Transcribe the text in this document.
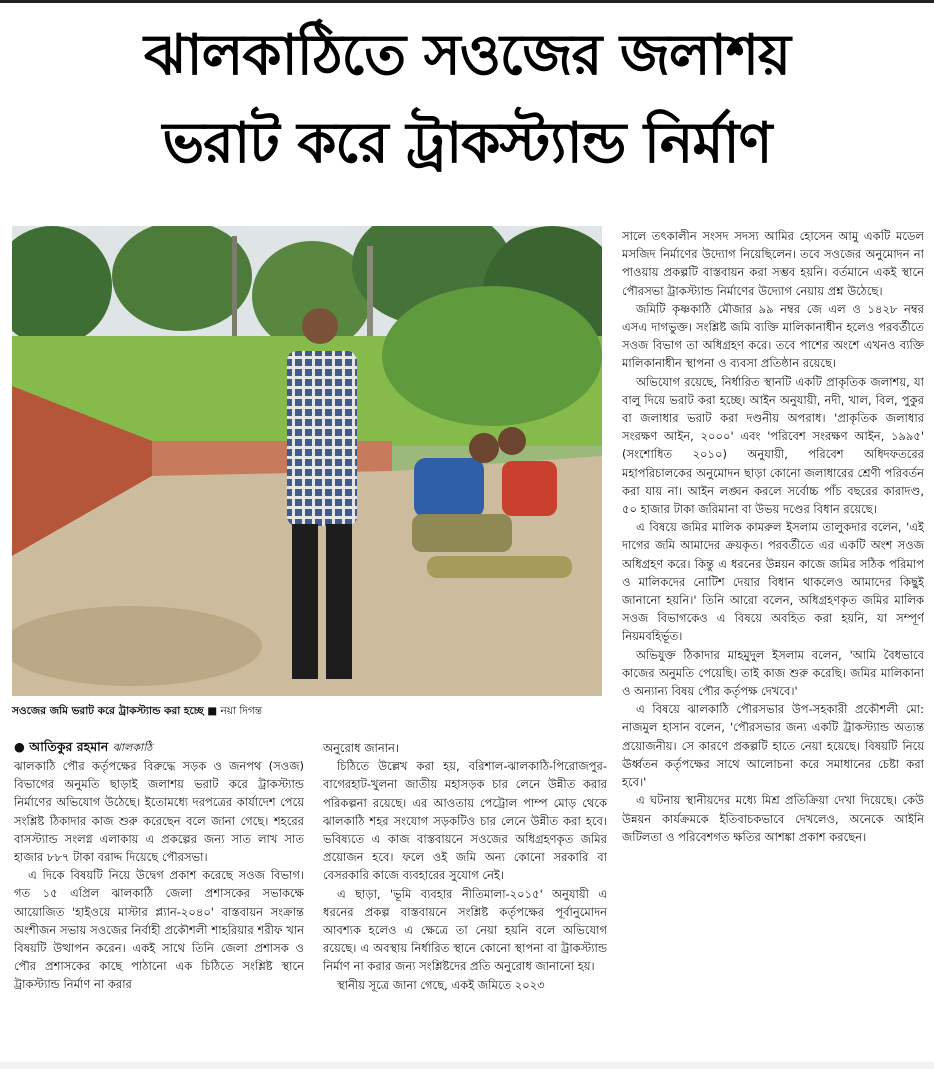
ঝালকাঠিতে সওজের জলাশয়
ভরাট করে ট্রাকস্ট্যান্ড নির্মাণ
সওজের জমি ভরাট করে ট্রাকস্ট্যান্ড করা হচ্ছে ■ নয়া দিগন্ত
● আতিকুর রহমান ঝালকাঠি

ঝালকাঠি পৌর কর্তৃপক্ষের বিরুদ্ধে সড়ক ও জনপথ (সওজ) বিভাগের অনুমতি ছাড়াই জলাশয় ভরাট করে ট্রাকস্ট্যান্ড নির্মাণের অভিযোগ উঠেছে। ইতোমধ্যে দরপত্রের কার্যাদেশ পেয়ে সংশ্লিষ্ট ঠিকাদার কাজ শুরু করেছেন বলে জানা গেছে। শহরের বাসস্ট্যান্ড সংলগ্ন এলাকায় এ প্রকল্পের জন্য সাত লাখ সাত হাজার ৮৮৭ টাকা বরাদ্দ দিয়েছে পৌরসভা।

এ দিকে বিষয়টি নিয়ে উদ্বেগ প্রকাশ করেছে সওজ বিভাগ। গত ১৫ এপ্রিল ঝালকাঠি জেলা প্রশাসকের সভাকক্ষে আয়োজিত 'হাইওয়ে মাস্টার প্ল্যান-২০৪০' বাস্তবায়ন সংক্রান্ত অংশীজন সভায় সওজের নির্বাহী প্রকৌশলী শাহরিয়ার শরীফ খান বিষয়টি উত্থাপন করেন। একই সাথে তিনি জেলা প্রশাসক ও পৌর প্রশাসকের কাছে পাঠানো এক চিঠিতে সংশ্লিষ্ট স্থানে ট্রাকস্ট্যান্ড নির্মাণ না করার

অনুরোধ জানান।

চিঠিতে উল্লেখ করা হয়, বরিশাল-ঝালকাঠি-পিরোজপুর-বাগেরহাট-খুলনা জাতীয় মহাসড়ক চার লেনে উন্নীত করার পরিকল্পনা রয়েছে। এর আওতায় পেট্রোল পাম্প মোড় থেকে ঝালকাঠি শহর সংযোগ সড়কটিও চার লেনে উন্নীত করা হবে। ভবিষ্যতে এ কাজ বাস্তবায়নে সওজের অধিগ্রহণকৃত জমির প্রয়োজন হবে। ফলে ওই জমি অন্য কোনো সরকারি বা বেসরকারি কাজে ব্যবহারের সুযোগ নেই।

এ ছাড়া, 'ভূমি ব্যবহার নীতিমালা-২০১৫' অনুযায়ী এ ধরনের প্রকল্প বাস্তবায়নে সংশ্লিষ্ট কর্তৃপক্ষের পূর্বানুমোদন আবশ্যক হলেও এ ক্ষেত্রে তা নেয়া হয়নি বলে অভিযোগ রয়েছে। এ অবস্থায় নির্ধারিত স্থানে কোনো স্থাপনা বা ট্রাকস্ট্যান্ড নির্মাণ না করার জন্য সংশ্লিষ্টদের প্রতি অনুরোধ জানানো হয়।

স্থানীয় সূত্রে জানা গেছে, একই জমিতে ২০২৩

সালে তৎকালীন সংসদ সদস্য আমির হোসেন আমু একটি মডেল মসজিদ নির্মাণের উদ্যোগ নিয়েছিলেন। তবে সওজের অনুমোদন না পাওয়ায় প্রকল্পটি বাস্তবায়ন করা সম্ভব হয়নি। বর্তমানে একই স্থানে পৌরসভা ট্রাকস্ট্যান্ড নির্মাণের উদ্যোগ নেয়ায় প্রশ্ন উঠেছে।

জমিটি কৃষ্ণকাঠি মৌজার ৯৯ নম্বর জে এল ও ১৪২৮ নম্বর এসএ দাগভুক্ত। সংশ্লিষ্ট জমি ব্যক্তি মালিকানাধীন হলেও পরবর্তীতে সওজ বিভাগ তা অধিগ্রহণ করে। তবে পাশের অংশে এখনও ব্যক্তি মালিকানাধীন স্থাপনা ও ব্যবসা প্রতিষ্ঠান রয়েছে।

অভিযোগ রয়েছে, নির্ধারিত স্থানটি একটি প্রাকৃতিক জলাশয়, যা বালু দিয়ে ভরাট করা হচ্ছে। আইন অনুযায়ী, নদী, খাল, বিল, পুকুর বা জলাধার ভরাট করা দণ্ডনীয় অপরাধ। 'প্রাকৃতিক জলাধার সংরক্ষণ আইন, ২০০০' এবং 'পরিবেশ সংরক্ষণ আইন, ১৯৯৫' (সংশোধিত ২০১০) অনুযায়ী, পরিবেশ অধিদফতরের মহাপরিচালকের অনুমোদন ছাড়া কোনো জলাধারের শ্রেণী পরিবর্তন করা যায় না। আইন লঙ্ঘন করলে সর্বোচ্চ পাঁচ বছরের কারাদণ্ড, ৫০ হাজার টাকা জরিমানা বা উভয় দণ্ডের বিধান রয়েছে।

এ বিষয়ে জমির মালিক কামরুল ইসলাম তালুকদার বলেন, 'এই দাগের জমি আমাদের ক্রয়কৃত। পরবর্তীতে এর একটি অংশ সওজ অধিগ্রহণ করে। কিন্তু এ ধরনের উন্নয়ন কাজে জমির সঠিক পরিমাপ ও মালিকদের নোটিশ দেয়ার বিধান থাকলেও আমাদের কিছুই জানানো হয়নি।' তিনি আরো বলেন, অধিগ্রহণকৃত জমির মালিক সওজ বিভাগকেও এ বিষয়ে অবহিত করা হয়নি, যা সম্পূর্ণ নিয়মবহির্ভূত।

অভিযুক্ত ঠিকাদার মাহমুদুল ইসলাম বলেন, 'আমি বৈধভাবে কাজের অনুমতি পেয়েছি। তাই কাজ শুরু করেছি। জমির মালিকানা ও অন্যান্য বিষয় পৌর কর্তৃপক্ষ দেখবে।'

এ বিষয়ে ঝালকাঠি পৌরসভার উপ-সহকারী প্রকৌশলী মো: নাজমুল হাসান বলেন, 'পৌরসভার জন্য একটি ট্রাকস্ট্যান্ড অত্যন্ত প্রয়োজনীয়। সে কারণে প্রকল্পটি হাতে নেয়া হয়েছে। বিষয়টি নিয়ে ঊর্ধ্বতন কর্তৃপক্ষের সাথে আলোচনা করে সমাধানের চেষ্টা করা হবে।'

এ ঘটনায় স্থানীয়দের মধ্যে মিশ্র প্রতিক্রিয়া দেখা দিয়েছে। কেউ উন্নয়ন কার্যক্রমকে ইতিবাচকভাবে দেখলেও, অনেকে আইনি জটিলতা ও পরিবেশগত ক্ষতির আশঙ্কা প্রকাশ করছেন।
